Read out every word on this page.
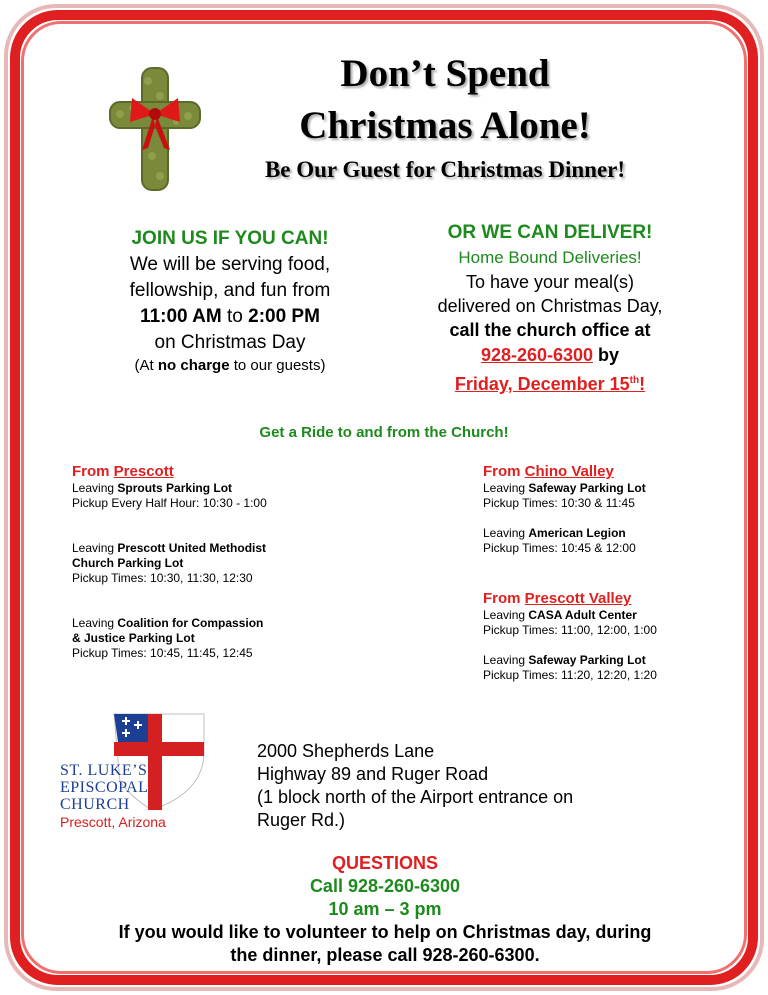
Don’t Spend
Christmas Alone!
Be Our Guest for Christmas Dinner!
JOIN US IF YOU CAN!
We will be serving food,
fellowship, and fun from
11:00 AM to 2:00 PM
on Christmas Day
(At no charge to our guests)
OR WE CAN DELIVER!
Home Bound Deliveries!
To have your meal(s)
delivered on Christmas Day,
call the church office at
928-260-6300 by
Friday, December 15th!
Get a Ride to and from the Church!
From Prescott
Leaving Sprouts Parking Lot
Pickup Every Half Hour: 10:30 - 1:00
Leaving Prescott United Methodist
Church Parking Lot
Pickup Times: 10:30, 11:30, 12:30
Leaving Coalition for Compassion
& Justice Parking Lot
Pickup Times: 10:45, 11:45, 12:45
From Chino Valley
Leaving Safeway Parking Lot
Pickup Times: 10:30 & 11:45
Leaving American Legion
Pickup Times: 10:45 & 12:00
From Prescott Valley
Leaving CASA Adult Center
Pickup Times: 11:00, 12:00, 1:00
Leaving Safeway Parking Lot
Pickup Times: 11:20, 12:20, 1:20
ST. LUKE’S
EPISCOPAL
CHURCH
Prescott, Arizona
2000 Shepherds Lane
Highway 89 and Ruger Road
(1 block north of the Airport entrance on
Ruger Rd.)
QUESTIONS
Call 928-260-6300
10 am – 3 pm
If you would like to volunteer to help on Christmas day, during
the dinner, please call 928-260-6300.
